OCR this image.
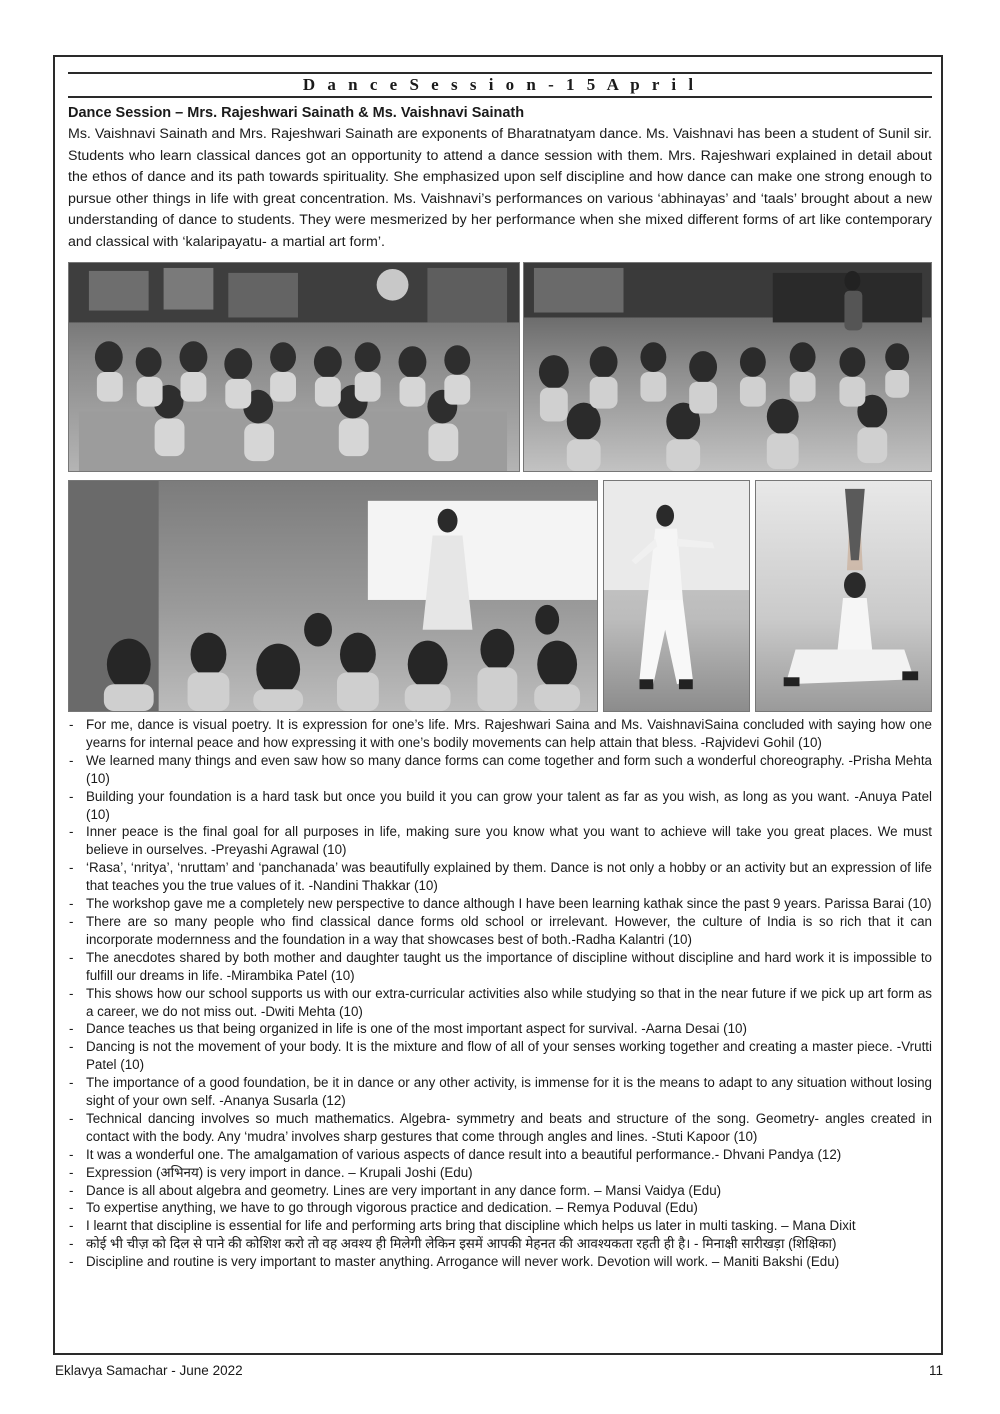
D a n c e S e s s i o n - 1 5 A p r i l
Dance Session – Mrs. Rajeshwari Sainath & Ms. Vaishnavi Sainath

Ms. Vaishnavi Sainath and Mrs. Rajeshwari Sainath are exponents of Bharatnatyam dance. Ms. Vaishnavi has been a student of Sunil sir. Students who learn classical dances got an opportunity to attend a dance session with them. Mrs. Rajeshwari explained in detail about the ethos of dance and its path towards spirituality. She emphasized upon self discipline and how dance can make one strong enough to pursue other things in life with great concentration. Ms. Vaishnavi’s performances on various ‘abhinayas’ and ‘taals’ brought about a new understanding of dance to students. They were mesmerized by her performance when she mixed different forms of art like contemporary and classical with ‘kalaripayatu- a martial art form’.

- For me, dance is visual poetry. It is expression for one’s life. Mrs. Rajeshwari Saina and Ms. VaishnaviSaina concluded with saying how one yearns for internal peace and how expressing it with one’s bodily movements can help attain that bless. -Rajvidevi Gohil (10)
- We learned many things and even saw how so many dance forms can come together and form such a wonderful choreography. -Prisha Mehta (10)
- Building your foundation is a hard task but once you build it you can grow your talent as far as you wish, as long as you want. -Anuya Patel (10)
- Inner peace is the final goal for all purposes in life, making sure you know what you want to achieve will take you great places. We must believe in ourselves. -Preyashi Agrawal (10)
- ‘Rasa’, ‘nritya’, ‘nruttam’ and ‘panchanada’ was beautifully explained by them. Dance is not only a hobby or an activity but an expression of life that teaches you the true values of it. -Nandini Thakkar (10)
- The workshop gave me a completely new perspective to dance although I have been learning kathak since the past 9 years. Parissa Barai (10)
- There are so many people who find classical dance forms old school or irrelevant. However, the culture of India is so rich that it can incorporate modernness and the foundation in a way that showcases best of both.-Radha Kalantri (10)
- The anecdotes shared by both mother and daughter taught us the importance of discipline without discipline and hard work it is impossible to fulfill our dreams in life. -Mirambika Patel (10)
- This shows how our school supports us with our extra-curricular activities also while studying so that in the near future if we pick up art form as a career, we do not miss out. -Dwiti Mehta (10)
- Dance teaches us that being organized in life is one of the most important aspect for survival. -Aarna Desai (10)
- Dancing is not the movement of your body. It is the mixture and flow of all of your senses working together and creating a master piece. -Vrutti Patel (10)
- The importance of a good foundation, be it in dance or any other activity, is immense for it is the means to adapt to any situation without losing sight of your own self. -Ananya Susarla (12)
- Technical dancing involves so much mathematics. Algebra- symmetry and beats and structure of the song. Geometry- angles created in contact with the body. Any ‘mudra’ involves sharp gestures that come through angles and lines. -Stuti Kapoor (10)
- It was a wonderful one. The amalgamation of various aspects of dance result into a beautiful performance.- Dhvani Pandya (12)
- Expression (अभिनय) is very import in dance. – Krupali Joshi (Edu)
- Dance is all about algebra and geometry. Lines are very important in any dance form. – Mansi Vaidya (Edu)
- To expertise anything, we have to go through vigorous practice and dedication. – Remya Poduval (Edu)
- I learnt that discipline is essential for life and performing arts bring that discipline which helps us later in multi tasking. – Mana Dixit
- कोई भी चीज़ को दिल से पाने की कोशिश करो तो वह अवश्य ही मिलेगी लेकिन इसमें आपकी मेहनत की आवश्यकता रहती ही है। - मिनाक्षी सारीखड़ा (शिक्षिका)
- Discipline and routine is very important to master anything. Arrogance will never work. Devotion will work. – Maniti Bakshi (Edu)
Eklavya Samachar - June 2022	11
